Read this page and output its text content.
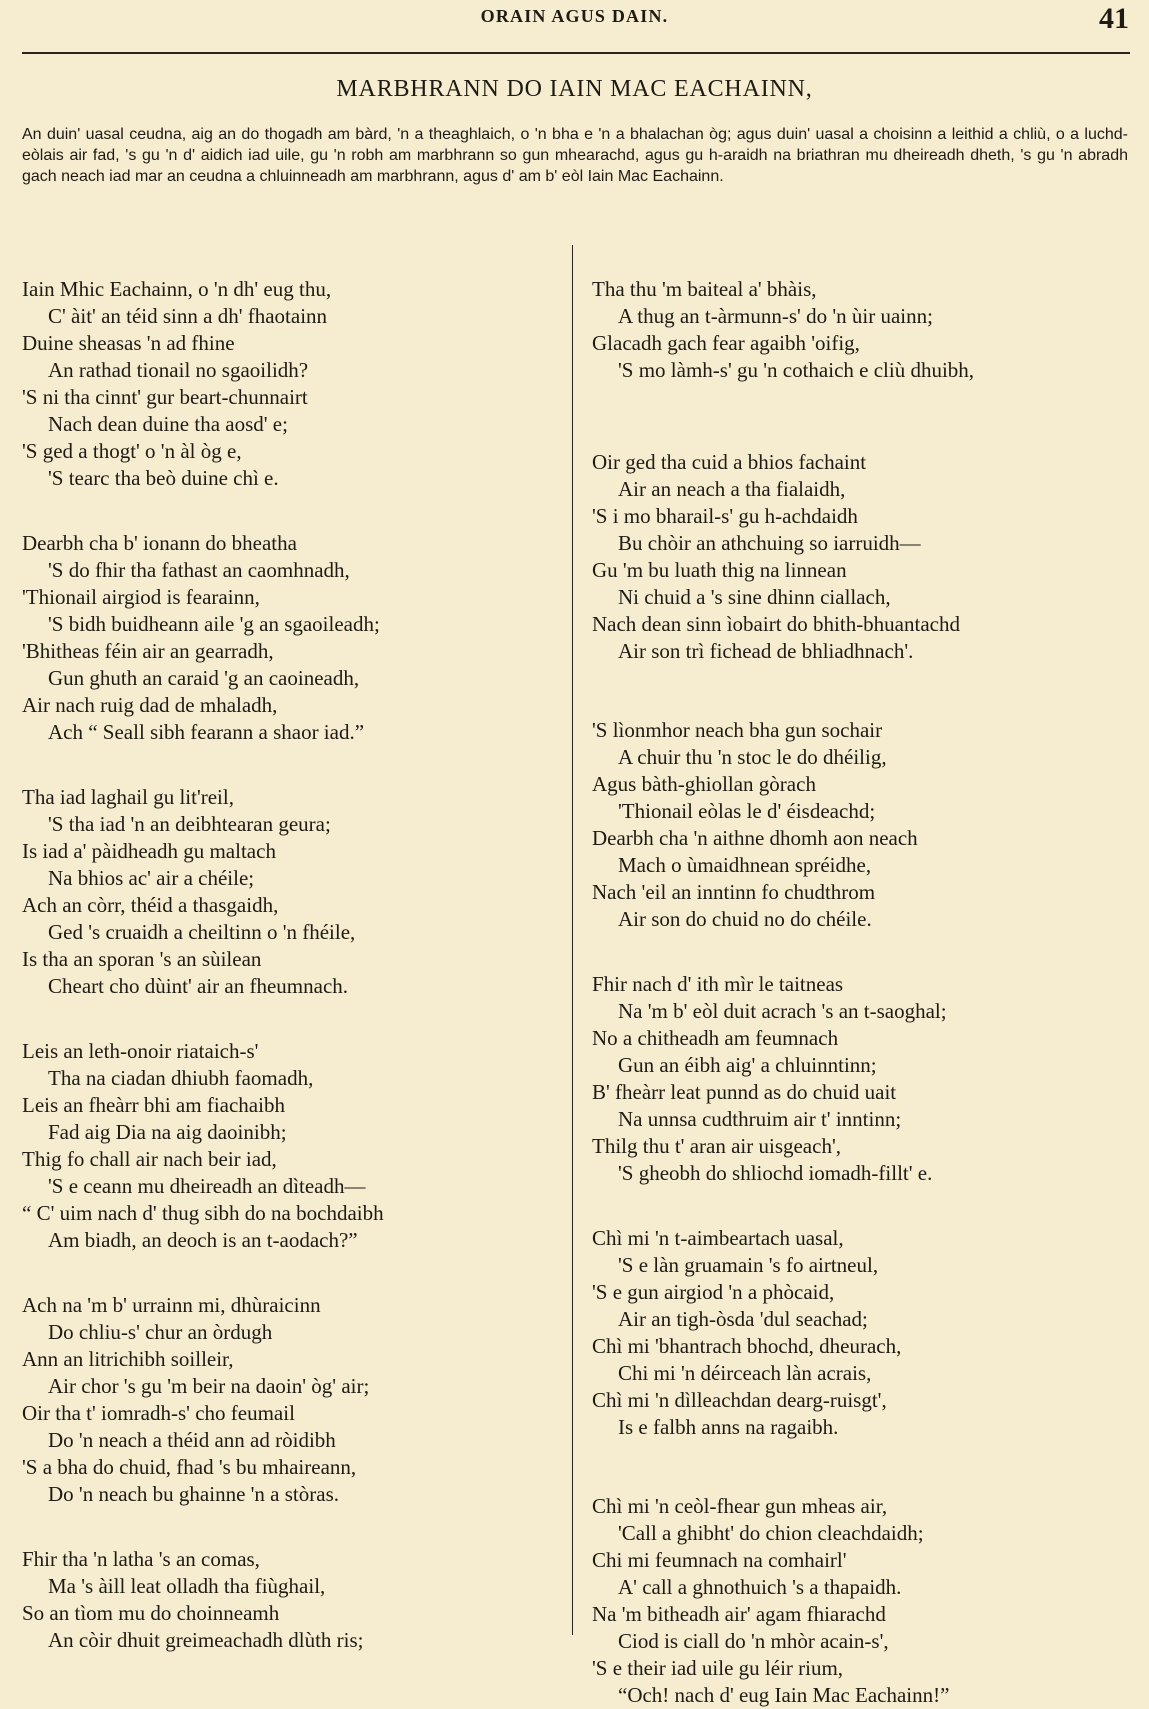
ORAIN AGUS DAIN.	41
MARBHRANN DO IAIN MAC EACHAINN,
An duin' uasal ceudna, aig an do thogadh am bàrd, 'n a theaghlaich, o 'n bha e 'n a bhalachan òg; agus duin' uasal a choisinn a leithid a chliù, o a luchd-eòlais air fad, 's gu 'n d' aidich iad uile, gu 'n robh am marbhrann so gun mhearachd, agus gu h-araidh na briathran mu dheireadh dheth, 's gu 'n abradh gach neach iad mar an ceudna a chluinneadh am marbhrann, agus d' am b' eòl Iain Mac Eachainn.
Iain Mhic Eachainn, o 'n dh' eug thu,
C' àit' an téid sinn a dh' fhaotainn
Duine sheasas 'n ad fhine
An rathad tionail no sgaoilidh?
'S ni tha cinnt' gur beart-chunnairt
Nach dean duine tha aosd' e;
'S ged a thogt' o 'n àl òg e,
'S tearc tha beò duine chì e.
Dearbh cha b' ionann do bheatha
'S do fhir tha fathast an caomhnadh,
'Thionail airgiod is fearainn,
'S bidh buidheann aile 'g an sgaoileadh;
'Bhitheas féin air an gearradh,
Gun ghuth an caraid 'g an caoineadh,
Air nach ruig dad de mhaladh,
Ach “ Seall sibh fearann a shaor iad.”
Tha iad laghail gu lit'reil,
'S tha iad 'n an deibhtearan geura;
Is iad a' pàidheadh gu maltach
Na bhios ac' air a chéile;
Ach an còrr, théid a thasgaidh,
Ged 's cruaidh a cheiltinn o 'n fhéile,
Is tha an sporan 's an sùilean
Cheart cho dùint' air an fheumnach.
Leis an leth-onoir riataich-s'
Tha na ciadan dhiubh faomadh,
Leis an fheàrr bhi am fiachaibh
Fad aig Dia na aig daoinibh;
Thig fo chall air nach beir iad,
'S e ceann mu dheireadh an dìteadh—
“ C' uim nach d' thug sibh do na bochdaibh
Am biadh, an deoch is an t-aodach?”
Ach na 'm b' urrainn mi, dhùraicinn
Do chliu-s' chur an òrdugh
Ann an litrichibh soilleir,
Air chor 's gu 'm beir na daoin' òg' air;
Oir tha t' iomradh-s' cho feumail
Do 'n neach a théid ann ad ròidibh
'S a bha do chuid, fhad 's bu mhaireann,
Do 'n neach bu ghainne 'n a stòras.
Fhir tha 'n latha 's an comas,
Ma 's àill leat olladh tha fiùghail,
So an tìom mu do choinneamh
An còir dhuit greimeachadh dlùth ris;
Tha thu 'm baiteal a' bhàis,
A thug an t-àrmunn-s' do 'n ùir uainn;
Glacadh gach fear agaibh 'oifig,
'S mo làmh-s' gu 'n cothaich e cliù dhuibh,
Oir ged tha cuid a bhios fachaint
Air an neach a tha fialaidh,
'S i mo bharail-s' gu h-achdaidh
Bu chòir an athchuing so iarruidh—
Gu 'm bu luath thig na linnean
Ni chuid a 's sine dhinn ciallach,
Nach dean sinn ìobairt do bhith-bhuantachd
Air son trì fichead de bhliadhnach'.
'S lìonmhor neach bha gun sochair
A chuir thu 'n stoc le do dhéilig,
Agus bàth-ghiollan gòrach
'Thionail eòlas le d' éisdeachd;
Dearbh cha 'n aithne dhomh aon neach
Mach o ùmaidhnean spréidhe,
Nach 'eil an inntinn fo chudthrom
Air son do chuid no do chéile.
Fhir nach d' ith mìr le taitneas
Na 'm b' eòl duit acrach 's an t-saoghal;
No a chitheadh am feumnach
Gun an éibh aig' a chluinntinn;
B' fheàrr leat punnd as do chuid uait
Na unnsa cudthruim air t' inntinn;
Thilg thu t' aran air uisgeach',
'S gheobh do shliochd iomadh-fillt' e.
Chì mi 'n t-aimbeartach uasal,
'S e làn gruamain 's fo airtneul,
'S e gun airgiod 'n a phòcaid,
Air an tigh-òsda 'dul seachad;
Chì mi 'bhantrach bhochd, dheurach,
Chi mi 'n déirceach làn acrais,
Chì mi 'n dìlleachdan dearg-ruisgt',
Is e falbh anns na ragaibh.
Chì mi 'n ceòl-fhear gun mheas air,
'Call a ghibht' do chion cleachdaidh;
Chi mi feumnach na comhairl'
A' call a ghnothuich 's a thapaidh.
Na 'm bitheadh air' agam fhiarachd
Ciod is ciall do 'n mhòr acain-s',
'S e their iad uile gu léir rium,
“Och! nach d' eug Iain Mac Eachainn!”
